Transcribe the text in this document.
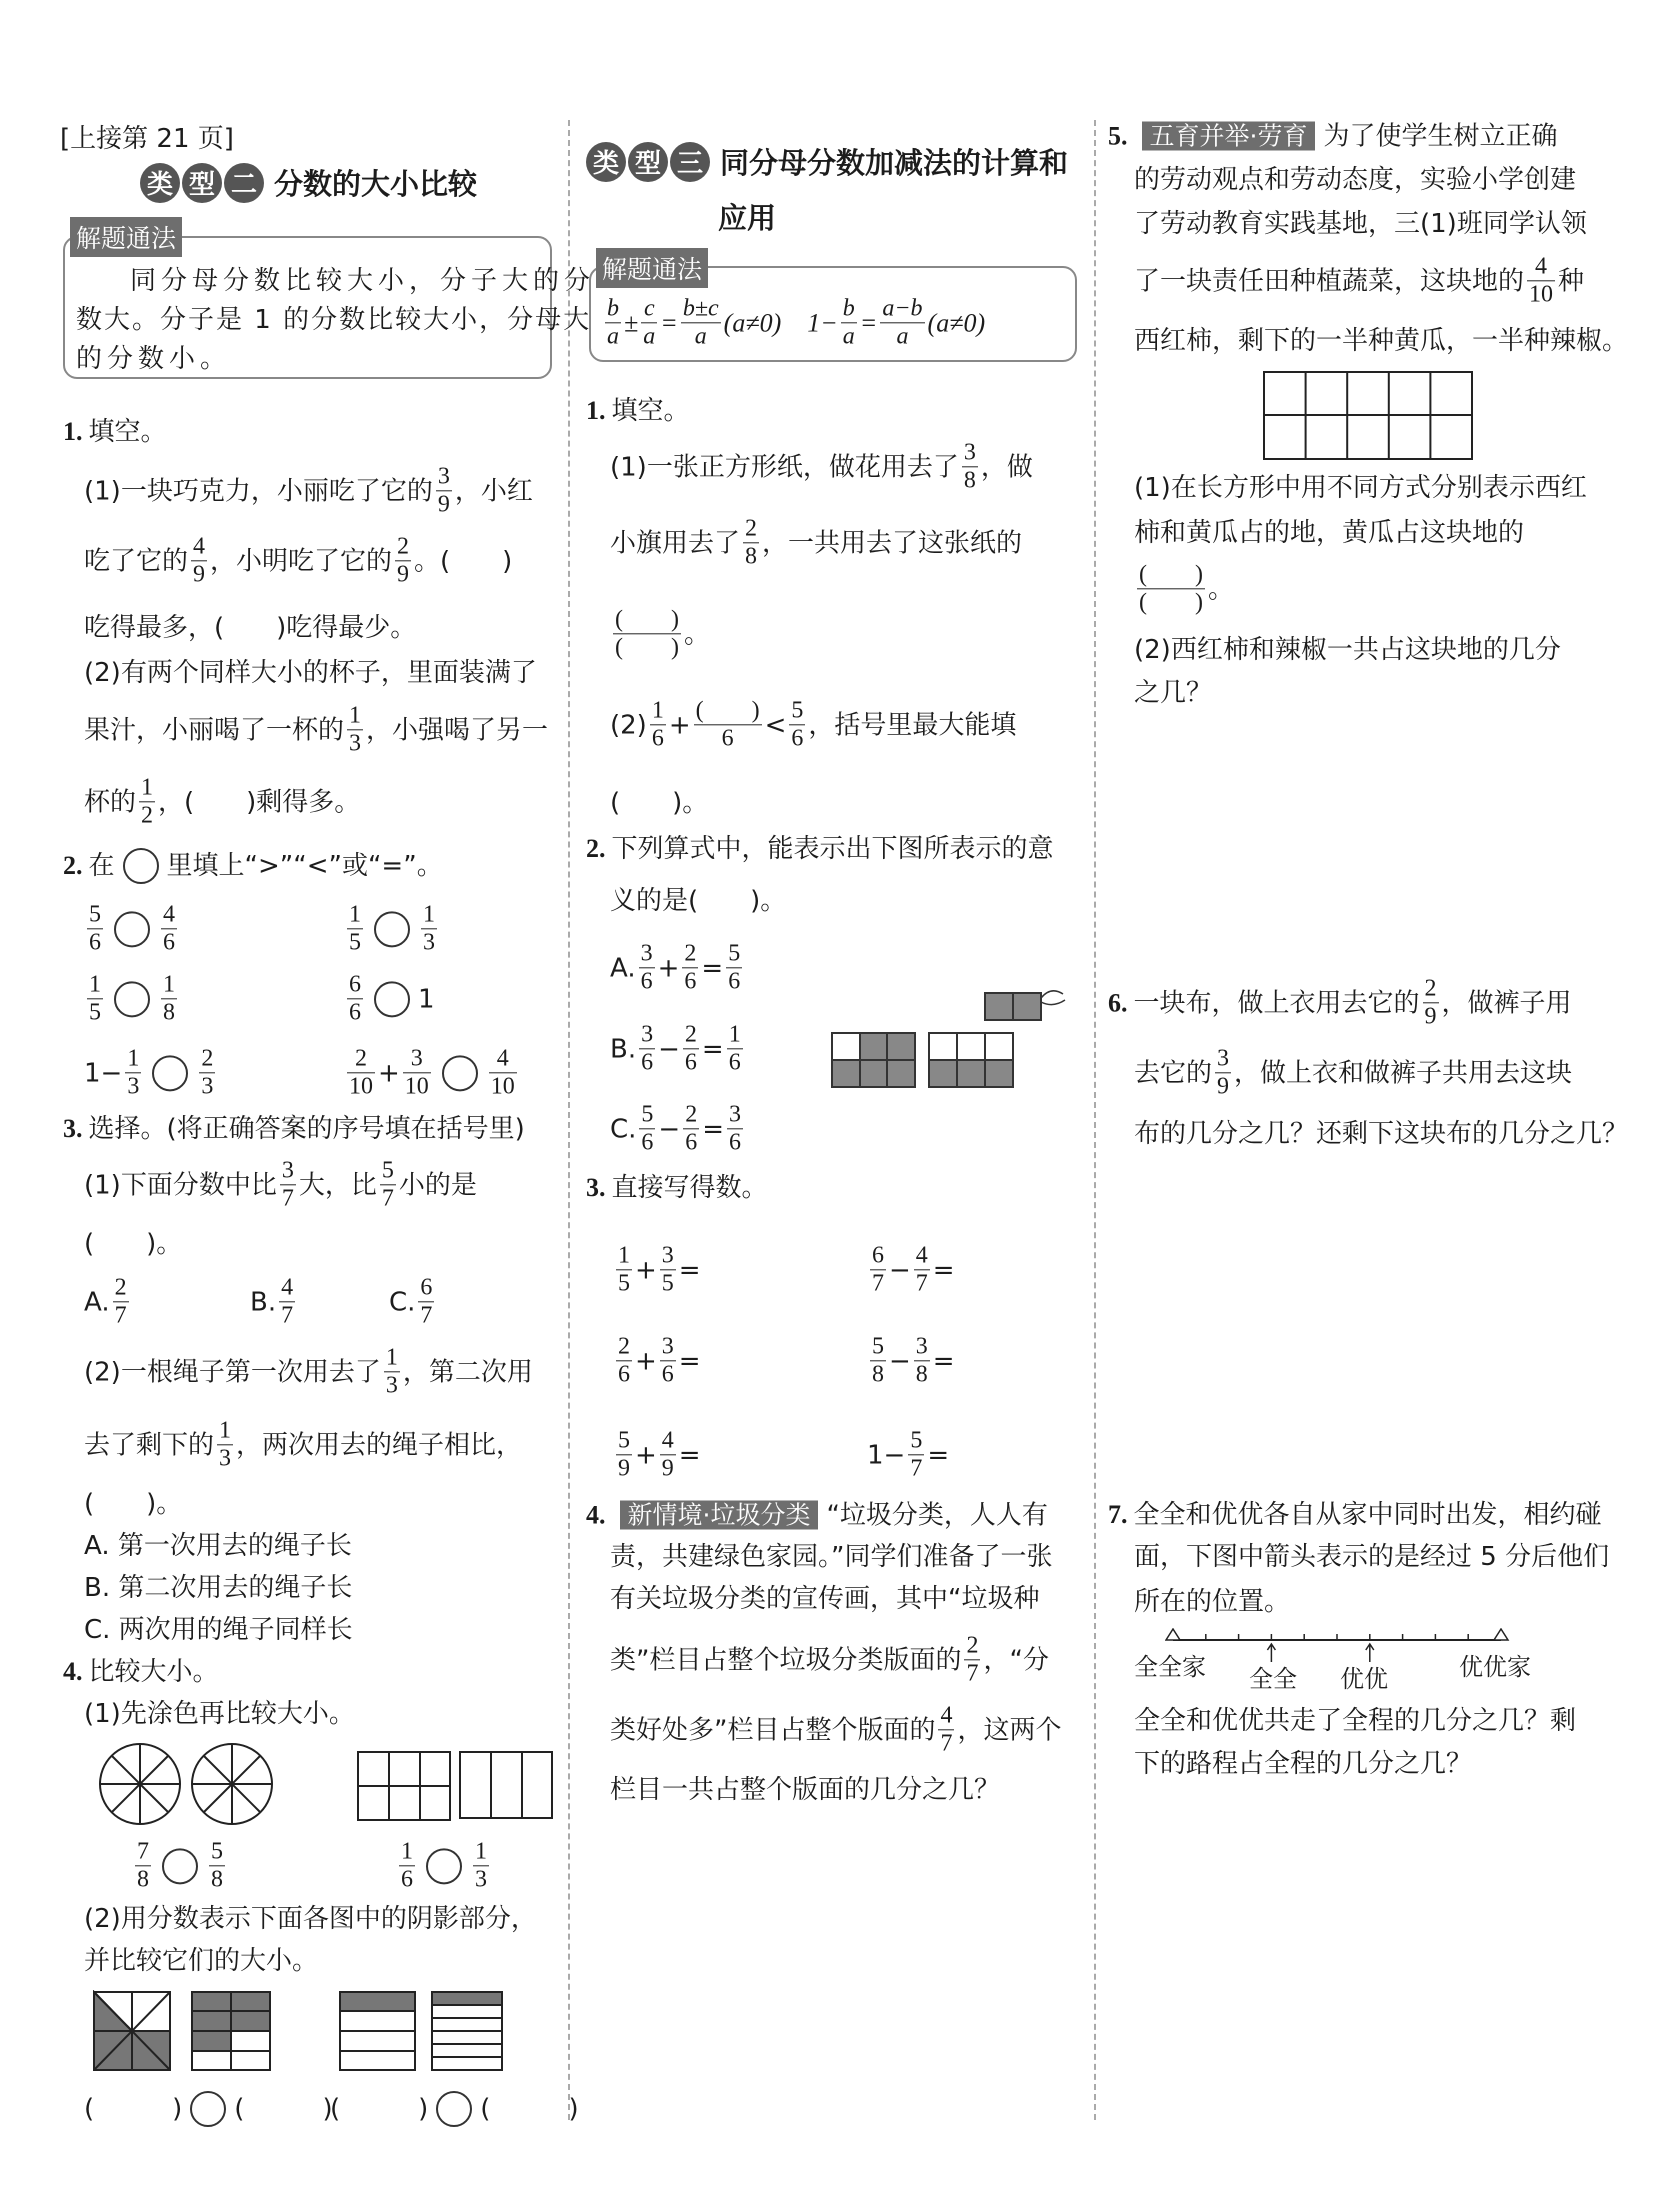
[上接第 21 页]
类 型 二 分数的大小比较
解题通法
同分母分数比较大小，分子大的分
数大。分子是 1 的分数比较大小，分母大
的分数小。
1. 填空。
(1)一块巧克力，小丽吃了它的 $\frac{3}{9}$ ，小红
吃了它的 $\frac{4}{9}$ ，小明吃了它的 $\frac{2}{9}$ 。(　　)
吃得最多，(　　)吃得最少。
(2)有两个同样大小的杯子，里面装满了
果汁，小丽喝了一杯的 $\frac{1}{3}$ ，小强喝了另一
杯的 $\frac{1}{2}$ ，(　　)剩得多。
2. 在 里填上“>”“<”或“=”。
$\frac{5}{6} \frac{4}{6}$	$\frac{1}{5} \frac{1}{3}$
$\frac{1}{5} \frac{1}{8}$	$\frac{6}{6} 1$
$1- \frac{1}{3} \frac{2}{3}$	$\frac{2}{10} + \frac{3}{10} \frac{4}{10}$
3. 选择。(将正确答案的序号填在括号里)
(1)下面分数中比 $\frac{3}{7}$ 大，比 $\frac{5}{7}$ 小的是
(　　)。
A. $\frac{2}{7}$	B. $\frac{4}{7}$	C. $\frac{6}{7}$
(2)一根绳子第一次用去了 $\frac{1}{3}$ ，第二次用
去了剩下的 $\frac{1}{3}$ ，两次用去的绳子相比，
(　　)。
A. 第一次用去的绳子长
B. 第二次用去的绳子长
C. 两次用的绳子同样长
4. 比较大小。
(1)先涂色再比较大小。
$\frac{7}{8} \frac{5}{8}$	$\frac{1}{6} \frac{1}{3}$
(2)用分数表示下面各图中的阴影部分，
并比较它们的大小。
(　　　) (　　　)
(　　　) (　　　)
类 型 三 同分母分数加减法的计算和
应用
解题通法
$\frac{b}{a} \pm \frac{c}{a} = \frac{b\pm c}{a} (a\ne 0)$　$1- \frac{b}{a} = \frac{a-b}{a} (a\ne 0)$
1. 填空。
(1)一张正方形纸，做花用去了 $\frac{3}{8}$ ，做
小旗用去了 $\frac{2}{8}$ ，一共用去了这张纸的
$\frac{( )}{( )}$ 。
$(2) \frac{1}{6} + \frac{( )}{6} < \frac{5}{6}$ ，括号里最大能填
(　　)。
2. 下列算式中，能表示出下图所表示的意
义的是(　　)。
A. $\frac{3}{6} + \frac{2}{6} = \frac{5}{6}$
B. $\frac{3}{6} - \frac{2}{6} = \frac{1}{6}$
C. $\frac{5}{6} - \frac{2}{6} = \frac{3}{6}$
3. 直接写得数。
$\frac{1}{5} + \frac{3}{5}$ =	$\frac{6}{7} - \frac{4}{7}$ =
$\frac{2}{6} + \frac{3}{6}$ =	$\frac{5}{8} - \frac{3}{8}$ =
$\frac{5}{9} + \frac{4}{9}$ =	$1- \frac{5}{7}$ =
4. 新情境·垃圾分类 “垃圾分类，人人有
责，共建绿色家园。”同学们准备了一张
有关垃圾分类的宣传画，其中“垃圾种
类”栏目占整个垃圾分类版面的 $\frac{2}{7}$ ，“分
类好处多”栏目占整个版面的 $\frac{4}{7}$ ，这两个
栏目一共占整个版面的几分之几？
5. 五育并举·劳育 为了使学生树立正确
的劳动观点和劳动态度，实验小学创建
了劳动教育实践基地，三(1)班同学认领
了一块责任田种植蔬菜，这块地的 $\frac{4}{10}$ 种
西红柿，剩下的一半种黄瓜，一半种辣椒。
(1)在长方形中用不同方式分别表示西红
柿和黄瓜占的地，黄瓜占这块地的
$\frac{( )}{( )}$ 。
(2)西红柿和辣椒一共占这块地的几分
之几？
6. 一块布，做上衣用去它的 $\frac{2}{9}$ ，做裤子用
去它的 $\frac{3}{9}$ ，做上衣和做裤子共用去这块
布的几分之几？还剩下这块布的几分之几？
7. 全全和优优各自从家中同时出发，相约碰
面，下图中箭头表示的是经过 5 分后他们
所在的位置。
全全家 全全 优优	优优家
全全和优优共走了全程的几分之几？剩
下的路程占全程的几分之几？
